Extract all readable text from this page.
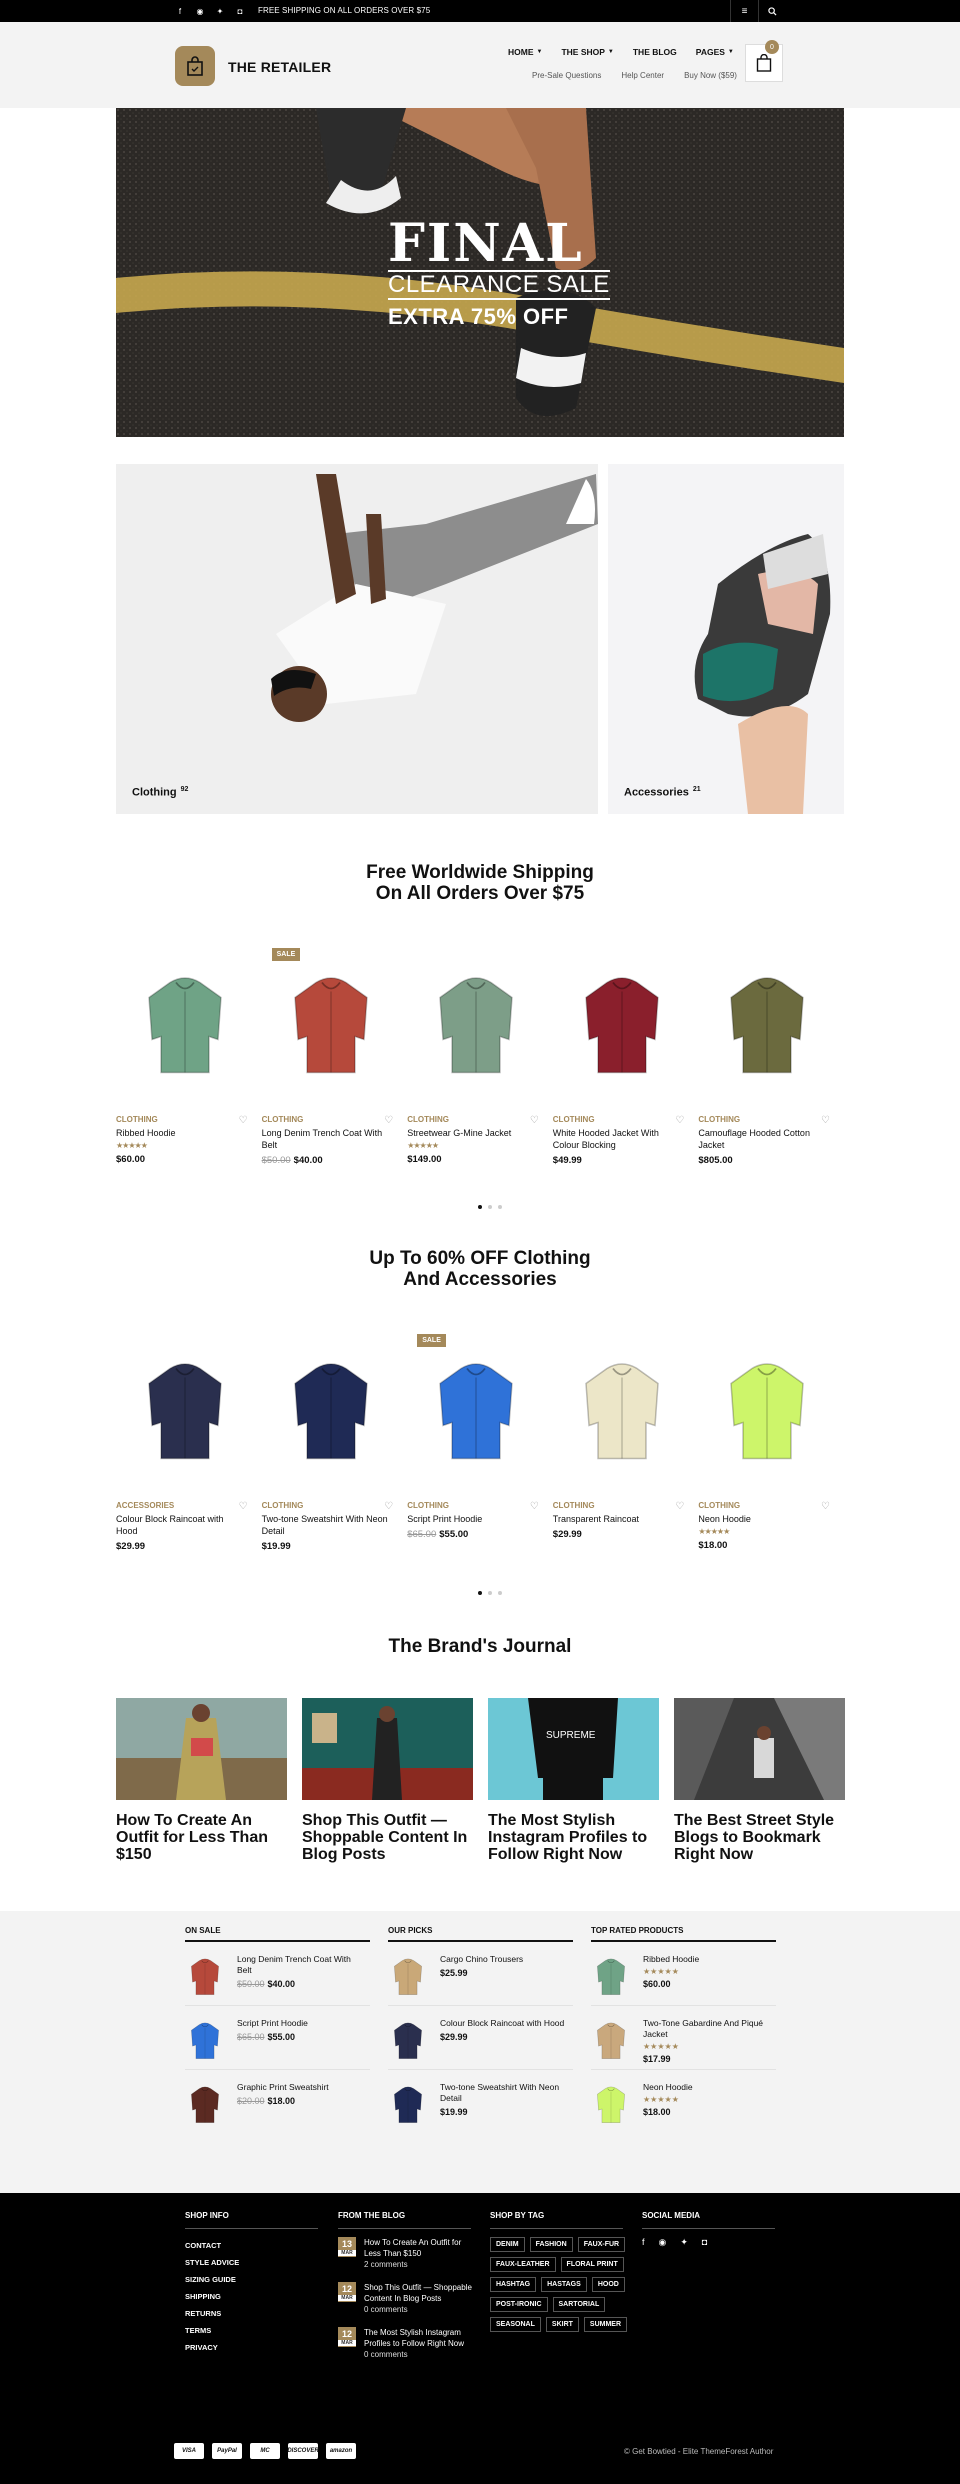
f	◉ ✦	◘	FREE SHIPPING ON ALL ORDERS OVER $75	≡
THE RETAILER
HOME ▼ THE SHOP ▼ THE BLOG PAGES ▼
Pre-Sale Questions	Help Center	Buy Now ($59)
0
FINAL
CLEARANCE SALE
EXTRA 75% OFF
Clothing $^{92}$	Accessories $^{21}$
Free Worldwide Shipping
On All Orders Over $75
CLOTHING	♡
Ribbed Hoodie
★★★★★
$60.00
SALE
CLOTHING	♡
Long Denim Trench Coat With Belt
$50.00 $40.00
CLOTHING	♡
Streetwear G-Mine Jacket
★★★★★
$149.00
CLOTHING	♡
White Hooded Jacket With Colour Blocking
$49.99
CLOTHING	♡
Camouflage Hooded Cotton Jacket
$805.00
Up To 60% OFF Clothing
And Accessories
ACCESSORIES	♡
Colour Block Raincoat with Hood
$29.99
CLOTHING	♡
Two-tone Sweatshirt With Neon Detail
$19.99
SALE
CLOTHING	♡
Script Print Hoodie
$65.00 $55.00
CLOTHING	♡
Transparent Raincoat
$29.99
CLOTHING	♡
Neon Hoodie
★★★★★
$18.00
The Brand's Journal
How To Create An Outfit for Less Than $150
Shop This Outfit — Shoppable Content In Blog Posts
SUPREME
The Most Stylish Instagram Profiles to Follow Right Now
The Best Street Style Blogs to Bookmark Right Now
ON SALE
Long Denim Trench Coat With Belt
$50.00 $40.00
Script Print Hoodie
$65.00 $55.00
Graphic Print Sweatshirt
$20.00 $18.00
OUR PICKS
Cargo Chino Trousers
$25.99
Colour Block Raincoat with Hood
$29.99
Two-tone Sweatshirt With Neon Detail
$19.99
TOP RATED PRODUCTS
Ribbed Hoodie
★★★★★
$60.00
Two-Tone Gabardine And Piqué Jacket
★★★★★
$17.99
Neon Hoodie
★★★★★
$18.00
SHOP INFO
CONTACT
STYLE ADVICE
SIZING GUIDE
SHIPPING
RETURNS
TERMS
PRIVACY
FROM THE BLOG
13
MAR
How To Create An Outfit for Less Than $150
2 comments
12
MAR
Shop This Outfit — Shoppable Content In Blog Posts
0 comments
12
MAR
The Most Stylish Instagram Profiles to Follow Right Now
0 comments
SHOP BY TAG
DENIM	FASHION	FAUX-FUR
FAUX-LEATHER	FLORAL PRINT
HASHTAG	HASTAGS	HOOD
POST-IRONIC	SARTORIAL
SEASONAL	SKIRT	SUMMER
SOCIAL MEDIA
f ◉ ✦ ◘
VISA	PayPal	MC	DISCOVER	amazon	© Get Bowtied - Elite ThemeForest Author
